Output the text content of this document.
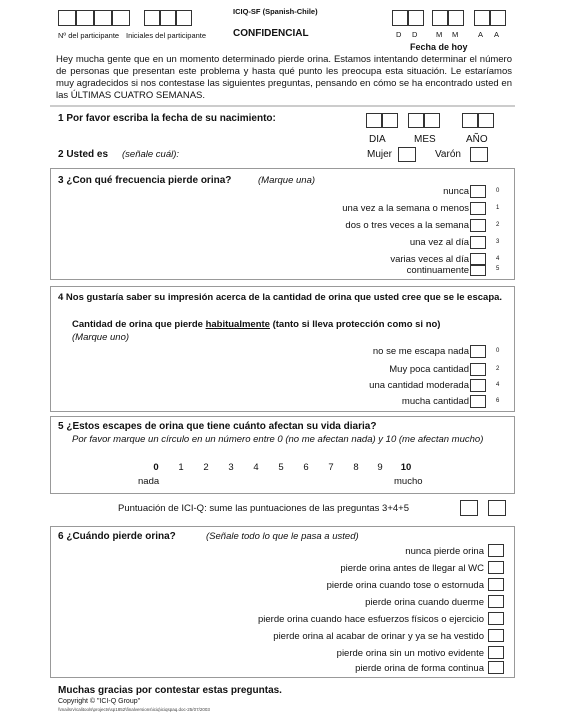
ICIQ-SF (Spanish-Chile)
Nº del participante Iniciales del participante	CONFIDENCIAL	D D M M	A A
Fecha de hoy
Hey mucha gente que en un momento determinado pierde orina. Estamos intentando determinar el número de personas que presentan este problema y hasta qué punto les preocupa esta situación. Le estaríamos muy agradecidos si nos contestase las siguientes preguntas, pensando en cómo se ha encontrado usted en las ÚLTIMAS CUATRO SEMANAS.
1 Por favor escriba la fecha de su nacimiento:
DIA	MES	AÑO
2 Usted es (señale cuál):	Mujer	Varón
3 ¿Con qué frecuencia pierde orina?	(Marque una)
nunca	0
una vez a la semana o menos	1
dos o tres veces a la semana	2
una vez al día	3
varias veces al día	4
continuamente	5
4 Nos gustaría saber su impresión acerca de la cantidad de orina que usted cree que se le escapa.
Cantidad de orina que pierde habitualmente (tanto si lleva protección como si no)
(Marque uno)
no se me escapa nada	0
Muy poca cantidad	2
una cantidad moderada	4
mucha cantidad	6
5 ¿Estos escapes de orina que tiene cuánto afectan su vida diaria?
Por favor marque un círculo en un número entre 0 (no me afectan nada) y 10 (me afectan mucho)
0	1	2	3	4	5	6	7	8	9	10
nada	mucho
Puntuación de ICI-Q: sume las puntuaciones de las preguntas 3+4+5
6 ¿Cuándo pierde orina?	(Señale todo lo que le pasa a usted)
nunca pierde orina
pierde orina antes de llegar al WC
pierde orina cuando tose o estornuda
pierde orina cuando duerme
pierde orina cuando hace esfuerzos físicos o ejercicio
pierde orina al acabar de orinar y ya se ha vestido
pierde orina sin un motivo evidente
pierde orina de forma continua
Muchas gracias por contestar estas preguntas.
Copyright © "ICI-Q Group"
\\mailsrv\calitools\projects\sp1852\finalversions\iciq\iciqspaq.doc-25/07/2003
